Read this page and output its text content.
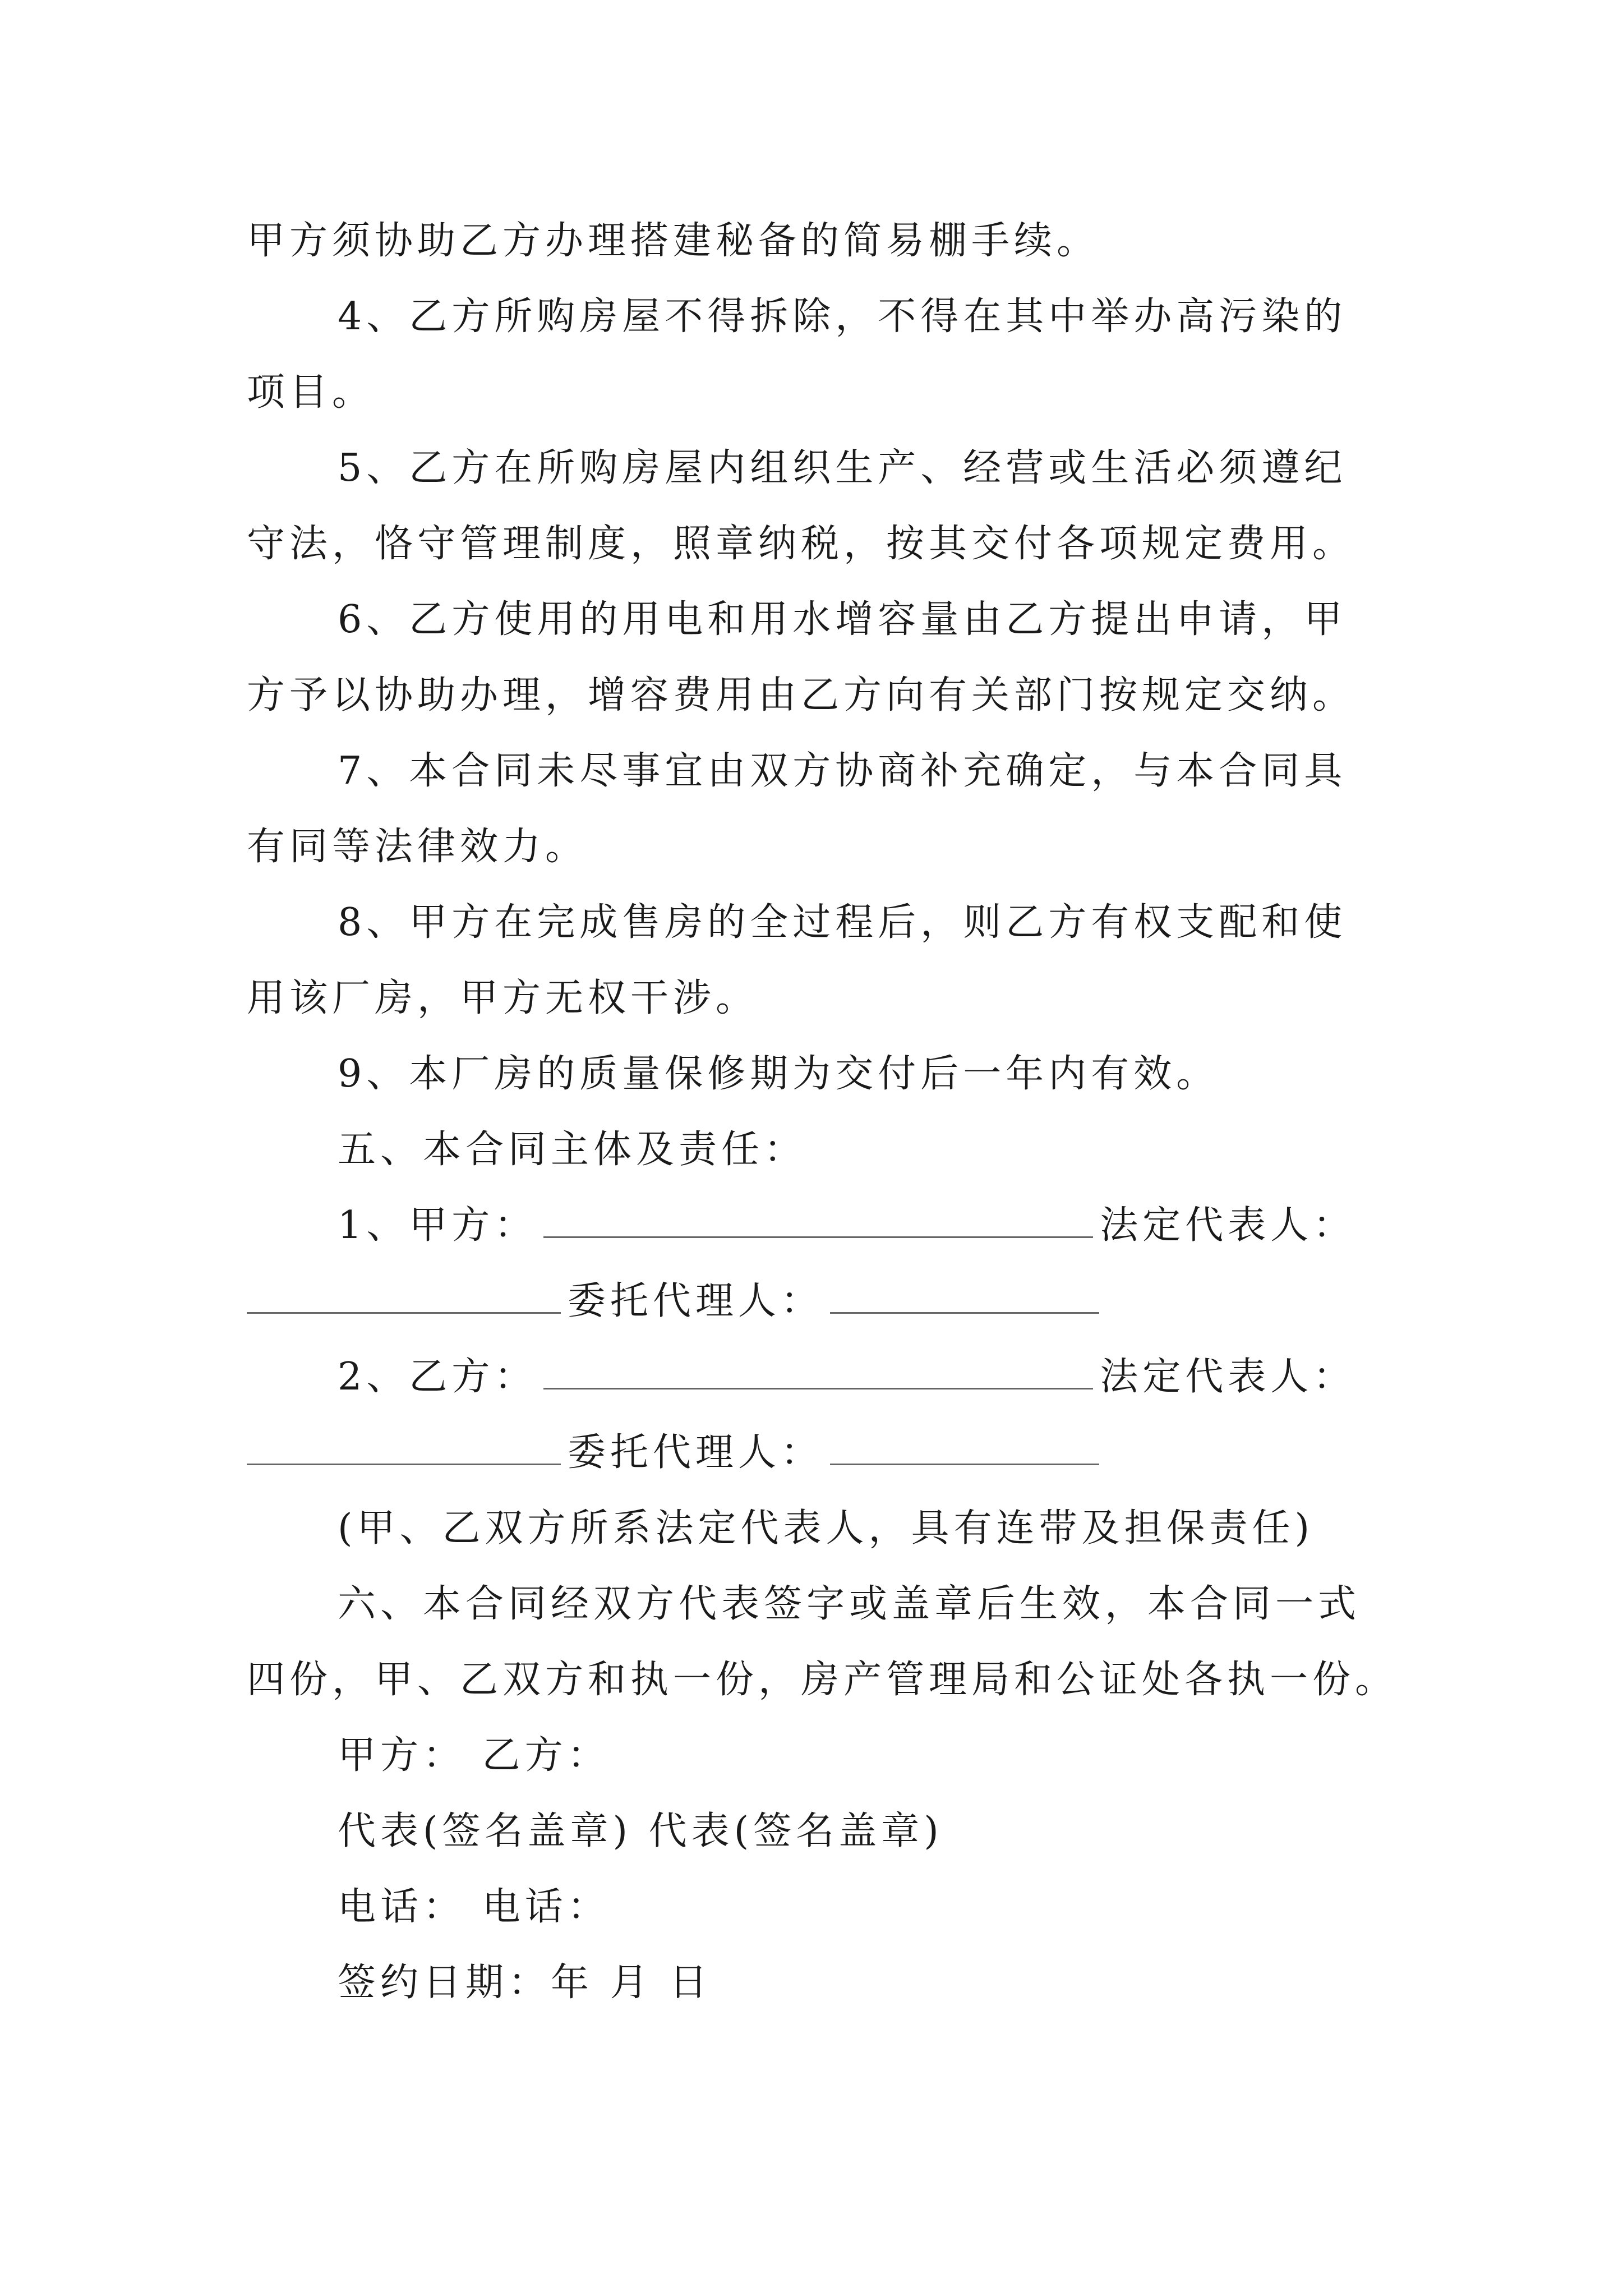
甲方须协助乙方办理搭建秘备的简易棚手续。
4、乙方所购房屋不得拆除，不得在其中举办高污染的
项目。
5、乙方在所购房屋内组织生产、经营或生活必须遵纪
守法，恪守管理制度，照章纳税，按其交付各项规定费用。
6、乙方使用的用电和用水增容量由乙方提出申请，甲
方予以协助办理，增容费用由乙方向有关部门按规定交纳。
7、本合同未尽事宜由双方协商补充确定，与本合同具
有同等法律效力。
8、甲方在完成售房的全过程后，则乙方有权支配和使
用该厂房，甲方无权干涉。
9、本厂房的质量保修期为交付后一年内有效。
五、本合同主体及责任：
1、甲方：	法定代表人：
委托代理人：
2、乙方：	法定代表人：
委托代理人：
(甲、乙双方所系法定代表人，具有连带及担保责任)
六、本合同经双方代表签字或盖章后生效，本合同一式
四份，甲、乙双方和执一份，房产管理局和公证处各执一份。
甲方： 乙方：
代表(签名盖章) 代表(签名盖章)
电话： 电话：
签约日期：年 月 日
